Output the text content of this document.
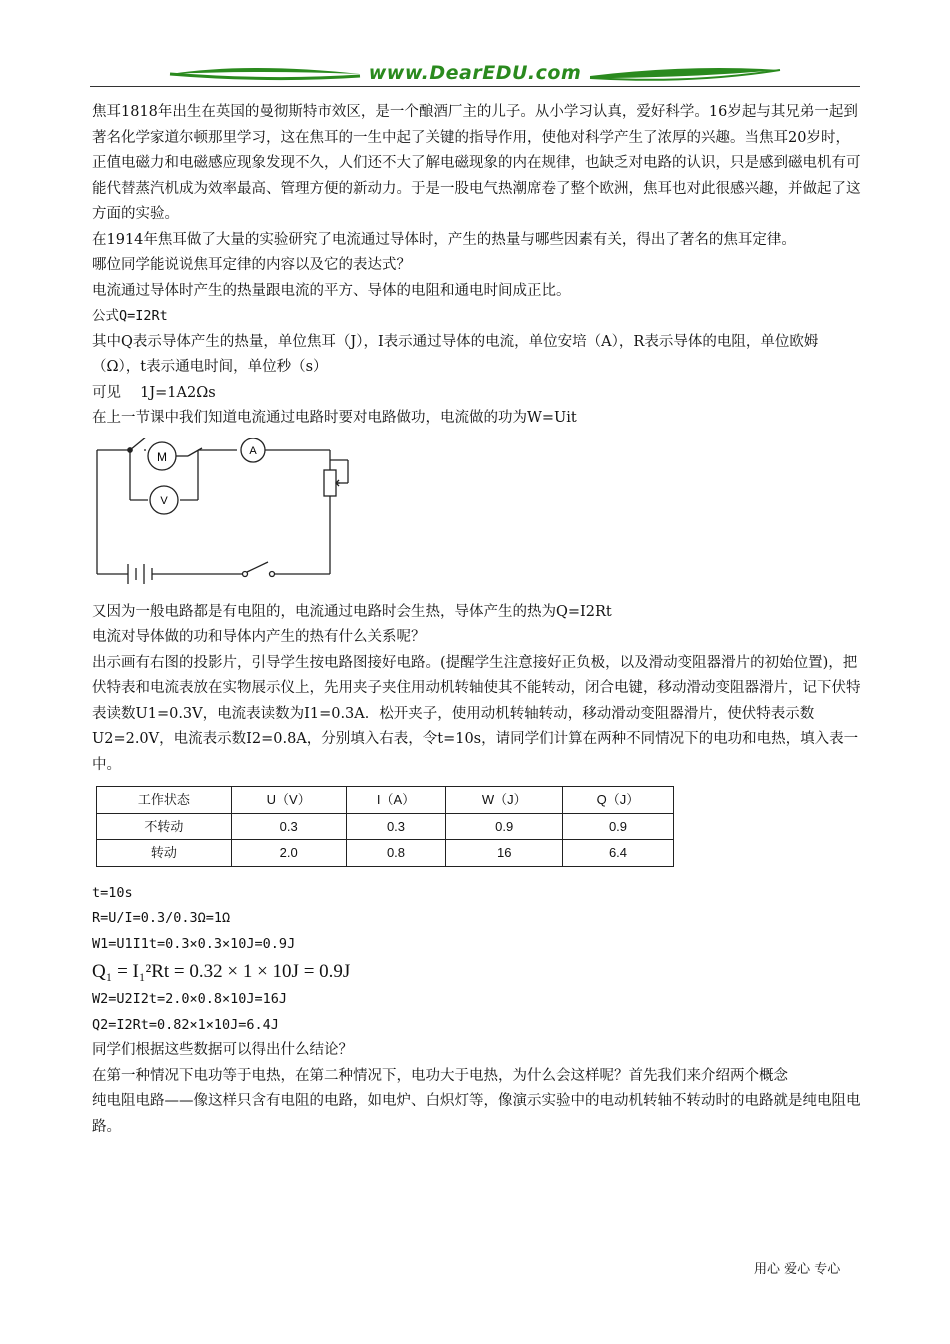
www.DearEDU.com

焦耳1818年出生在英国的曼彻斯特市效区，是一个酿酒厂主的儿子。从小学习认真，爱好科学。16岁起与其兄弟一起到著名化学家道尔顿那里学习，这在焦耳的一生中起了关键的指导作用，使他对科学产生了浓厚的兴趣。当焦耳20岁时，正值电磁力和电磁感应现象发现不久，人们还不大了解电磁现象的内在规律，也缺乏对电路的认识，只是感到磁电机有可能代替蒸汽机成为效率最高、管理方便的新动力。于是一股电气热潮席卷了整个欧洲，焦耳也对此很感兴趣，并做起了这方面的实验。

在1914年焦耳做了大量的实验研究了电流通过导体时，产生的热量与哪些因素有关，得出了著名的焦耳定律。

哪位同学能说说焦耳定律的内容以及它的表达式？

电流通过导体时产生的热量跟电流的平方、导体的电阻和通电时间成正比。

公式Q=I2Rt

其中Q表示导体产生的热量，单位焦耳（J），I表示通过导体的电流，单位安培（A），R表示导体的电阻，单位欧姆（Ω），t表示通电时间，单位秒（s）

可见　 1J=1A2Ωs

在上一节课中我们知道电流通过电路时要对电路做功，电流做的功为W=Uit

M	A
V

又因为一般电路都是有电阻的，电流通过电路时会生热，导体产生的热为Q=I2Rt

电流对导体做的功和导体内产生的热有什么关系呢？

出示画有右图的投影片，引导学生按电路图接好电路。(提醒学生注意接好正负极，以及滑动变阻器滑片的初始位置)，把伏特表和电流表放在实物展示仪上，先用夹子夹住用动机转轴使其不能转动，闭合电键，移动滑动变阻器滑片，记下伏特表读数U1=0.3V，电流表读数为I1=0.3A．松开夹子，使用动机转轴转动，移动滑动变阻器滑片，使伏特表示数U2=2.0V，电流表示数I2=0.8A，分别填入右表，令t=10s，请同学们计算在两种不同情况下的电功和电热，填入表一中。

工作状态	U（V）	I（A）	W（J）	Q（J）
不转动	0.3	0.3	0.9	0.9
转动	2.0	0.8	16	6.4

t=10s

R=U/I=0.3/0.3Ω=1Ω

W1=U1I1t=0.3×0.3×10J=0.9J

Q₁ = I₁²Rt = 0.32 × 1 × 10J = 0.9J

W2=U2I2t=2.0×0.8×10J=16J

Q2=I2Rt=0.82×1×10J=6.4J

同学们根据这些数据可以得出什么结论？

在第一种情况下电功等于电热，在第二种情况下，电功大于电热，为什么会这样呢？首先我们来介绍两个概念

纯电阻电路——像这样只含有电阻的电路，如电炉、白炽灯等，像演示实验中的电动机转轴不转动时的电路就是纯电阻电路。

用心 爱心 专心
